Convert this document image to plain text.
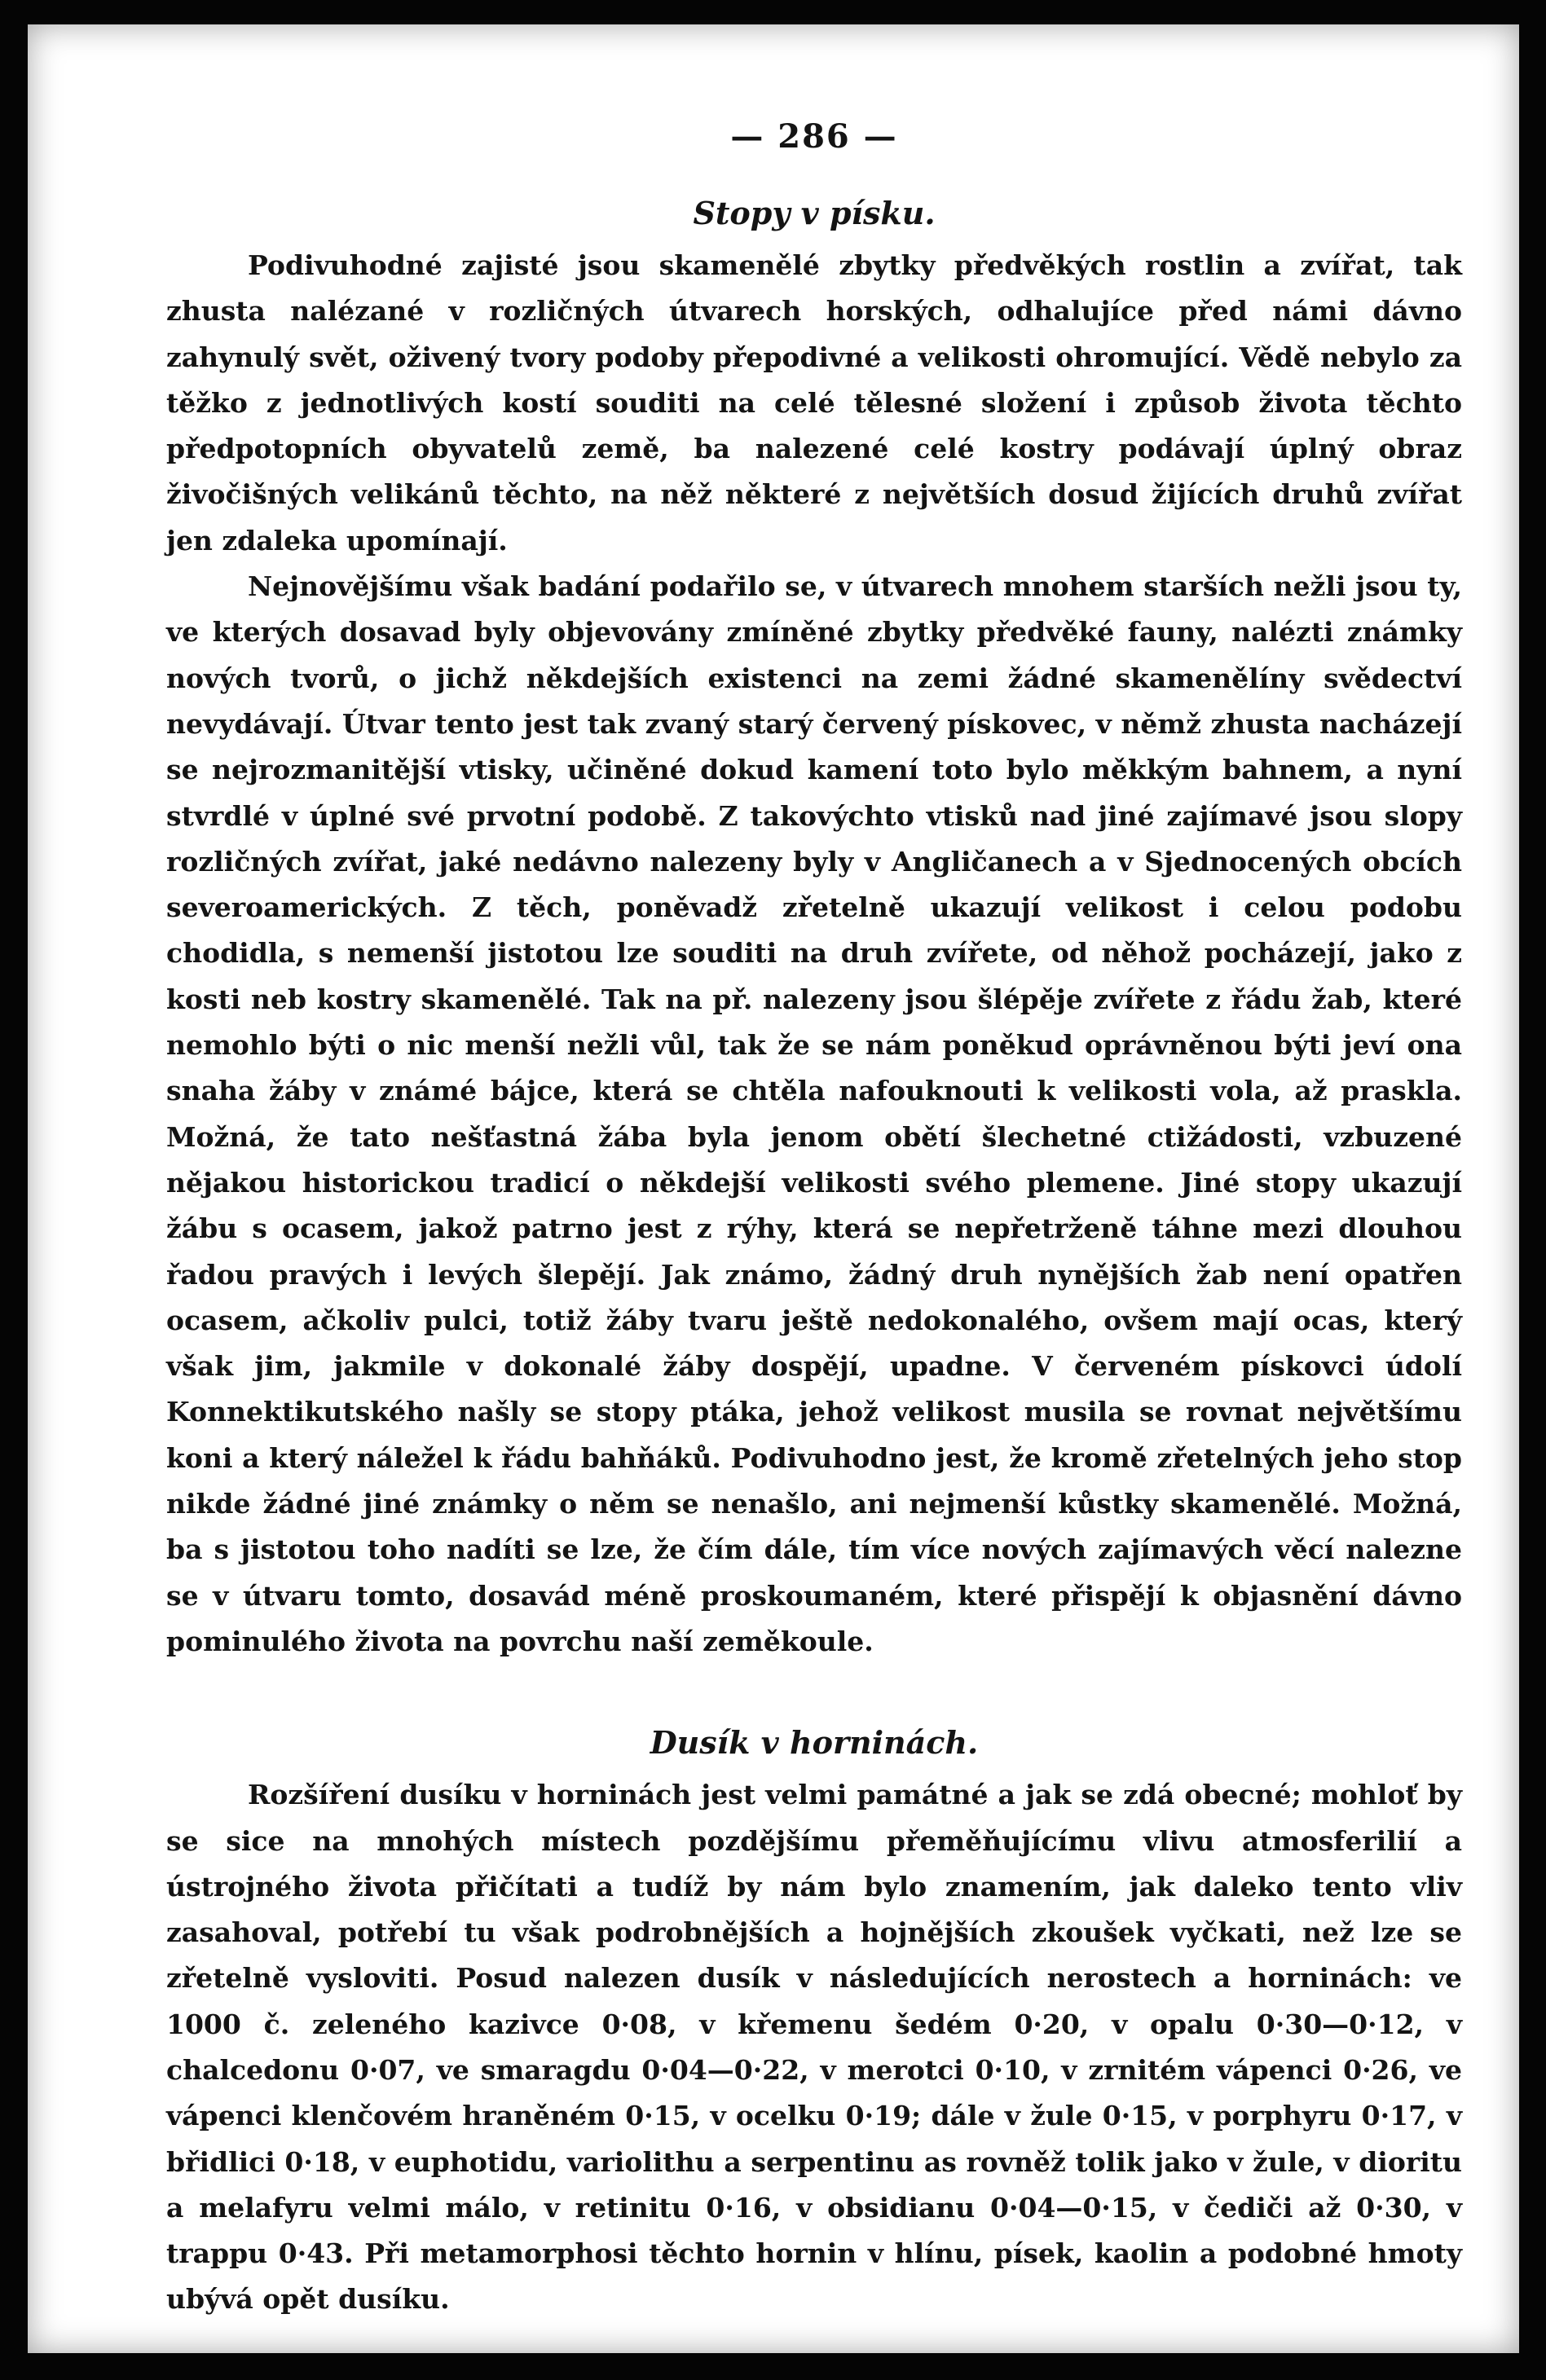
— 286 —
Stopy v písku.

Podivuhodné zajisté jsou skamenělé zbytky předvěkých rostlin a zvířat, tak zhusta nalézané v rozličných útvarech horských, odhalujíce před námi dávno zahynulý svět, oživený tvory podoby přepodivné a velikosti ohromující. Vědě nebylo za těžko z jednotlivých kostí souditi na celé tělesné složení i způsob života těchto předpotopních obyvatelů země, ba nalezené celé kostry podávají úplný obraz živočišných velikánů těchto, na něž některé z největších dosud žijících druhů zvířat jen zdaleka upomínají.

Nejnovějšímu však badání podařilo se, v útvarech mnohem starších nežli jsou ty, ve kterých dosavad byly objevovány zmíněné zbytky předvěké fauny, nalézti známky nových tvorů, o jichž někdejších existenci na zemi žádné skamenělíny svědectví nevydávají. Útvar tento jest tak zvaný starý červený pískovec, v němž zhusta nacházejí se nejrozmanitější vtisky, učiněné dokud kamení toto bylo měkkým bahnem, a nyní stvrdlé v úplné své prvotní podobě. Z takovýchto vtisků nad jiné zajímavé jsou slopy rozličných zvířat, jaké nedávno nalezeny byly v Angličanech a v Sjednocených obcích severoamerických. Z těch, poněvadž zřetelně ukazují velikost i celou podobu chodidla, s nemenší jistotou lze souditi na druh zvířete, od něhož pocházejí, jako z kosti neb kostry skamenělé. Tak na př. nalezeny jsou šlépěje zvířete z řádu žab, které nemohlo býti o nic menší nežli vůl, tak že se nám poněkud oprávněnou býti jeví ona snaha žáby v známé bájce, která se chtěla nafouknouti k velikosti vola, až praskla. Možná, že tato nešťastná žába byla jenom obětí šlechetné ctižádosti, vzbuzené nějakou historickou tradicí o někdejší velikosti svého plemene. Jiné stopy ukazují žábu s ocasem, jakož patrno jest z rýhy, která se nepřetrženě táhne mezi dlouhou řadou pravých i levých šlepějí. Jak známo, žádný druh nynějších žab není opatřen ocasem, ačkoliv pulci, totiž žáby tvaru ještě nedokonalého, ovšem mají ocas, který však jim, jakmile v dokonalé žáby dospějí, upadne. V červeném pískovci údolí Konnektikutského našly se stopy ptáka, jehož velikost musila se rovnat největšímu koni a který náležel k řádu bahňáků. Podivuhodno jest, že kromě zřetelných jeho stop nikde žádné jiné známky o něm se nenašlo, ani nejmenší kůstky skamenělé. Možná, ba s jistotou toho nadíti se lze, že čím dále, tím více nových zajímavých věcí nalezne se v útvaru tomto, dosavád méně proskoumaném, které přispějí k objasnění dávno pominulého života na povrchu naší zeměkoule.

Dusík v horninách.

Rozšíření dusíku v horninách jest velmi památné a jak se zdá obecné; mohloť by se sice na mnohých místech pozdějšímu přeměňujícímu vlivu atmosferilií a ústrojného života přičítati a tudíž by nám bylo znamením, jak daleko tento vliv zasahoval, potřebí tu však podrobnějších a hojnějších zkoušek vyčkati, než lze se zřetelně vysloviti. Posud nalezen dusík v následujících nerostech a horninách: ve 1000 č. zeleného kazivce 0·08, v křemenu šedém 0·20, v opalu 0·30—0·12, v chalcedonu 0·07, ve smaragdu 0·04—0·22, v merotci 0·10, v zrnitém vápenci 0·26, ve vápenci klenčovém hraněném 0·15, v ocelku 0·19; dále v žule 0·15, v porphyru 0·17, v břidlici 0·18, v euphotidu, variolithu a serpentinu as rovněž tolik jako v žule, v dioritu a melafyru velmi málo, v retinitu 0·16, v obsidianu 0·04—0·15, v čediči až 0·30, v trappu 0·43. Při metamorphosi těchto hornin v hlínu, písek, kaolin a podobné hmoty ubývá opět dusíku.
